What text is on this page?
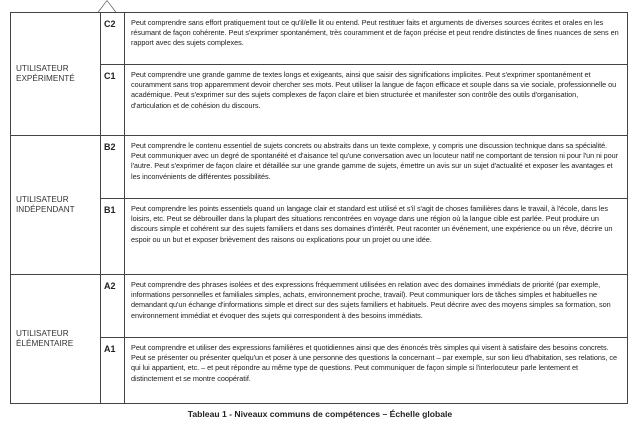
UTILISATEUR EXPÉRIMENTÉ	C2	Peut comprendre sans effort pratiquement tout ce qu'il/elle lit ou entend. Peut restituer faits et arguments de diverses sources écrites et orales en les résumant de façon cohérente. Peut s'exprimer spontanément, très couramment et de façon précise et peut rendre distinctes de fines nuances de sens en rapport avec des sujets complexes.
	C1	Peut comprendre une grande gamme de textes longs et exigeants, ainsi que saisir des significations implicites. Peut s'exprimer spontanément et couramment sans trop apparemment devoir chercher ses mots. Peut utiliser la langue de façon efficace et souple dans sa vie sociale, professionnelle ou académique. Peut s'exprimer sur des sujets complexes de façon claire et bien structurée et manifester son contrôle des outils d'organisation, d'articulation et de cohésion du discours.
UTILISATEUR INDÉPENDANT	B2	Peut comprendre le contenu essentiel de sujets concrets ou abstraits dans un texte complexe, y compris une discussion technique dans sa spécialité. Peut communiquer avec un degré de spontanéité et d'aisance tel qu'une conversation avec un locuteur natif ne comportant de tension ni pour l'un ni pour l'autre. Peut s'exprimer de façon claire et détaillée sur une grande gamme de sujets, émettre un avis sur un sujet d'actualité et exposer les avantages et les inconvénients de différentes possibilités.
	B1	Peut comprendre les points essentiels quand un langage clair et standard est utilisé et s'il s'agit de choses familières dans le travail, à l'école, dans les loisirs, etc. Peut se débrouiller dans la plupart des situations rencontrées en voyage dans une région où la langue cible est parlée. Peut produire un discours simple et cohérent sur des sujets familiers et dans ses domaines d'intérêt. Peut raconter un événement, une expérience ou un rêve, décrire un espoir ou un but et exposer brièvement des raisons ou explications pour un projet ou une idée.
UTILISATEUR ÉLÉMENTAIRE	A2	Peut comprendre des phrases isolées et des expressions fréquemment utilisées en relation avec des domaines immédiats de priorité (par exemple, informations personnelles et familiales simples, achats, environnement proche, travail). Peut communiquer lors de tâches simples et habituelles ne demandant qu'un échange d'informations simple et direct sur des sujets familiers et habituels. Peut décrire avec des moyens simples sa formation, son environnement immédiat et évoquer des sujets qui correspondent à des besoins immédiats.
	A1	Peut comprendre et utiliser des expressions familières et quotidiennes ainsi que des énoncés très simples qui visent à satisfaire des besoins concrets. Peut se présenter ou présenter quelqu'un et poser à une personne des questions la concernant – par exemple, sur son lieu d'habitation, ses relations, ce qui lui appartient, etc. – et peut répondre au même type de questions. Peut communiquer de façon simple si l'interlocuteur parle lentement et distinctement et se montre coopératif.
Tableau 1 - Niveaux communs de compétences – Échelle globale
